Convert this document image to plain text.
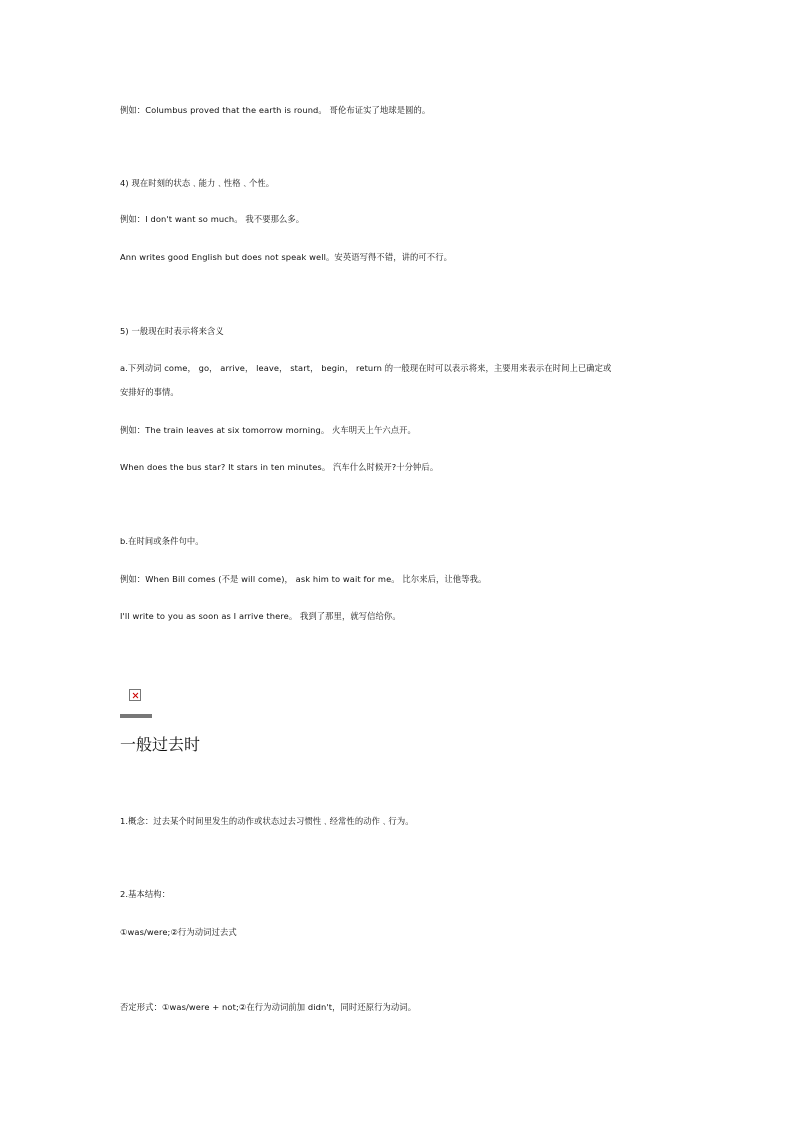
例如：Columbus proved that the earth is round。 哥伦布证实了地球是圆的。
4) 现在时刻的状态﹑能力﹑性格﹑个性。
例如：I don't want so much。 我不要那么多。
Ann writes good English but does not speak well。安英语写得不错，讲的可不行。
5) 一般现在时表示将来含义
a.下列动词 come， go， arrive， leave， start， begin， return 的一般现在时可以表示将来，主要用来表示在时间上已确定或
安排好的事情。
例如：The train leaves at six tomorrow morning。 火车明天上午六点开。
When does the bus star? It stars in ten minutes。 汽车什么时候开?十分钟后。
b.在时间或条件句中。
例如：When Bill comes (不是 will come)， ask him to wait for me。 比尔来后，让他等我。
I'll write to you as soon as I arrive there。 我到了那里，就写信给你。
一般过去时
1.概念：过去某个时间里发生的动作或状态过去习惯性﹑经常性的动作﹑行为。
2.基本结构：
①was/were;②行为动词过去式
否定形式：①was/were + not;②在行为动词前加 didn't，同时还原行为动词。
